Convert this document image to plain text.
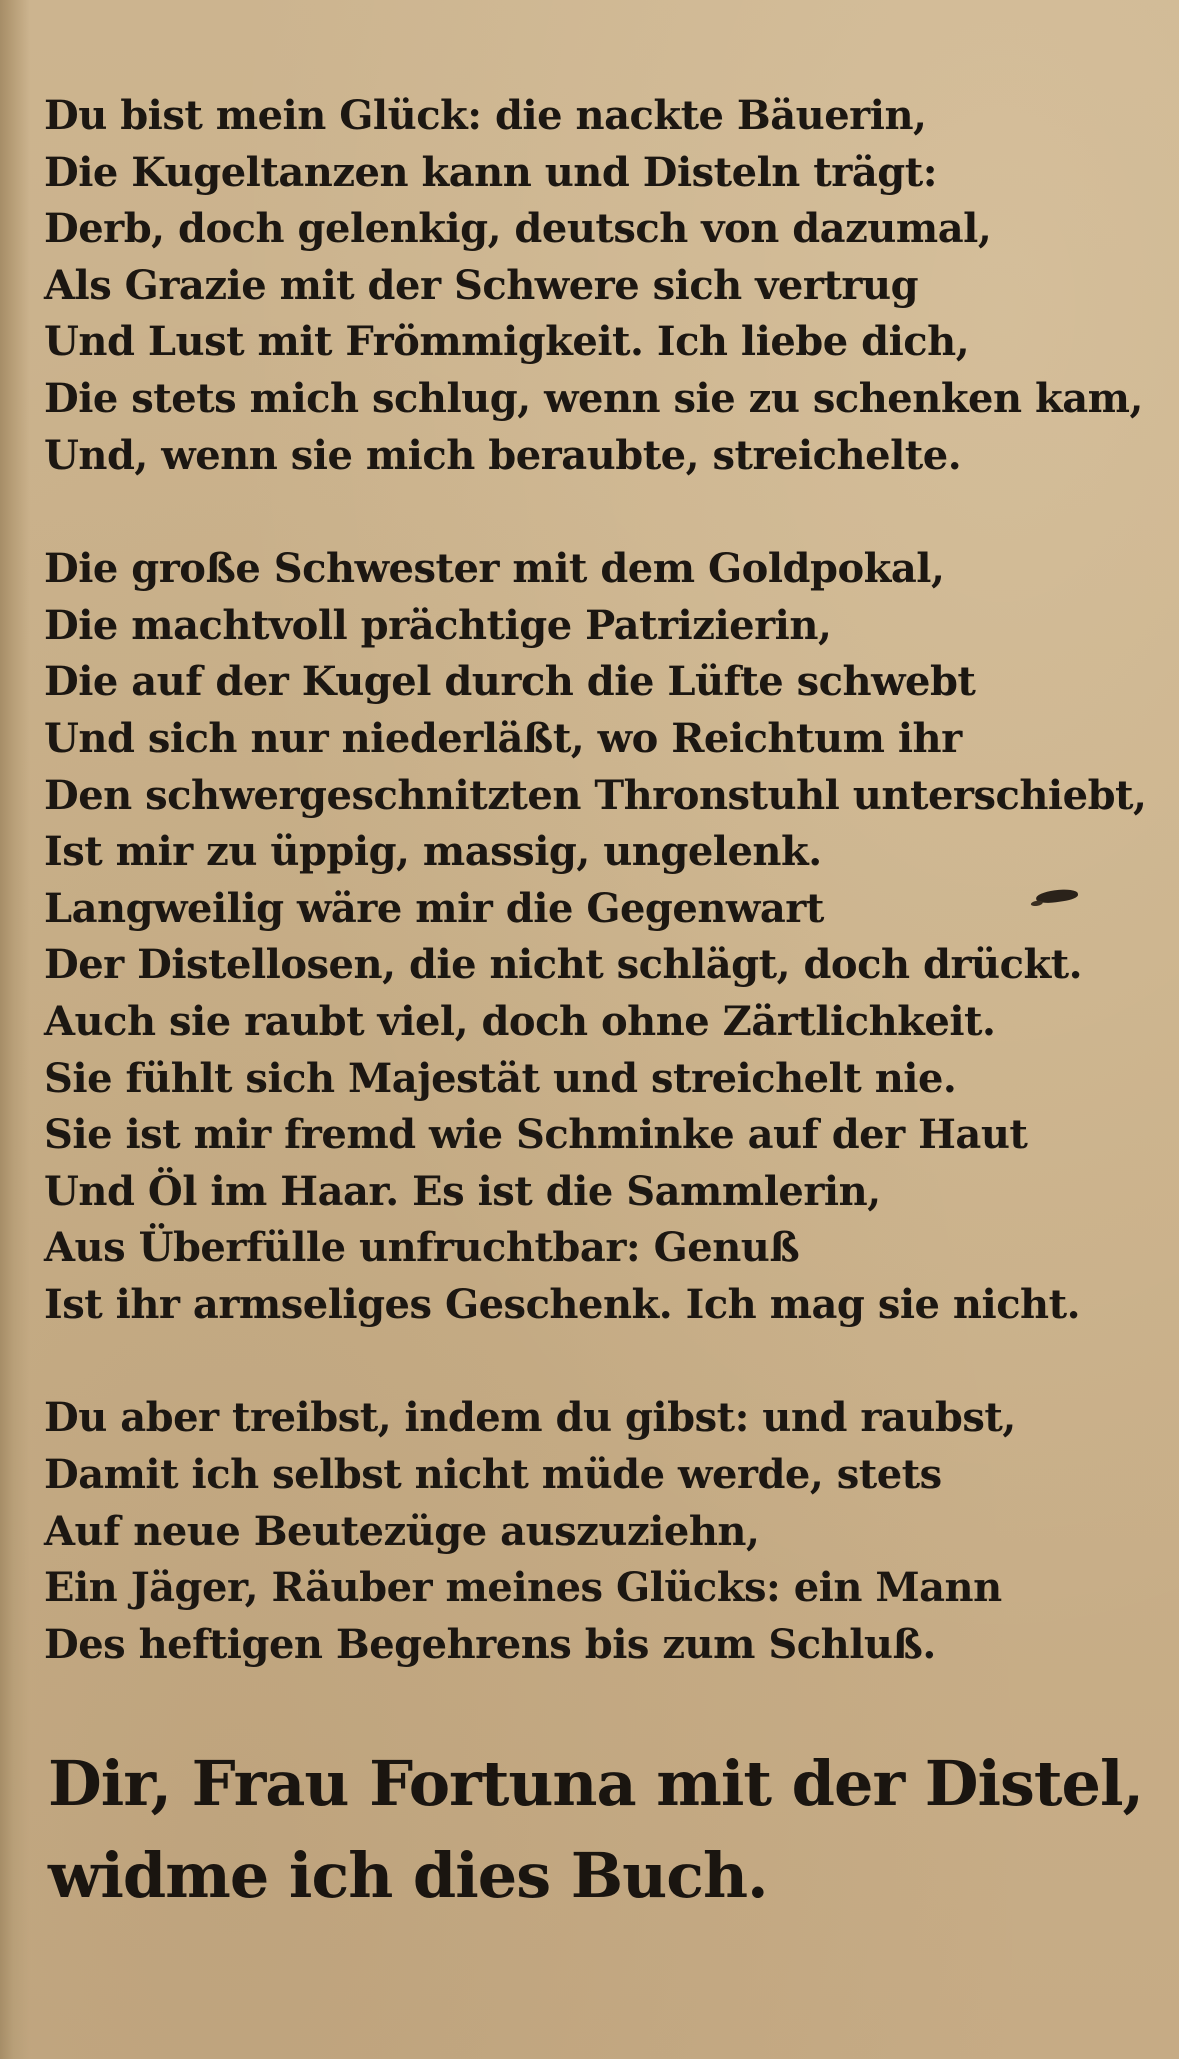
Du bist mein Glück: die nackte Bäuerin,
Die Kugeltanzen kann und Disteln trägt:
Derb, doch gelenkig, deutsch von dazumal,
Als Grazie mit der Schwere sich vertrug
Und Lust mit Frömmigkeit. Ich liebe dich,
Die stets mich schlug, wenn sie zu schenken kam,
Und, wenn sie mich beraubte, streichelte.
Die große Schwester mit dem Goldpokal,
Die machtvoll prächtige Patrizierin,
Die auf der Kugel durch die Lüfte schwebt
Und sich nur niederläßt, wo Reichtum ihr
Den schwergeschnitzten Thronstuhl unterschiebt,
Ist mir zu üppig, massig, ungelenk.
Langweilig wäre mir die Gegenwart
Der Distellosen, die nicht schlägt, doch drückt.
Auch sie raubt viel, doch ohne Zärtlichkeit.
Sie fühlt sich Majestät und streichelt nie.
Sie ist mir fremd wie Schminke auf der Haut
Und Öl im Haar. Es ist die Sammlerin,
Aus Überfülle unfruchtbar: Genuß
Ist ihr armseliges Geschenk. Ich mag sie nicht.
Du aber treibst, indem du gibst: und raubst,
Damit ich selbst nicht müde werde, stets
Auf neue Beutezüge auszuziehn,
Ein Jäger, Räuber meines Glücks: ein Mann
Des heftigen Begehrens bis zum Schluß.
Dir, Frau Fortuna mit der Distel,
widme ich dies Buch.
